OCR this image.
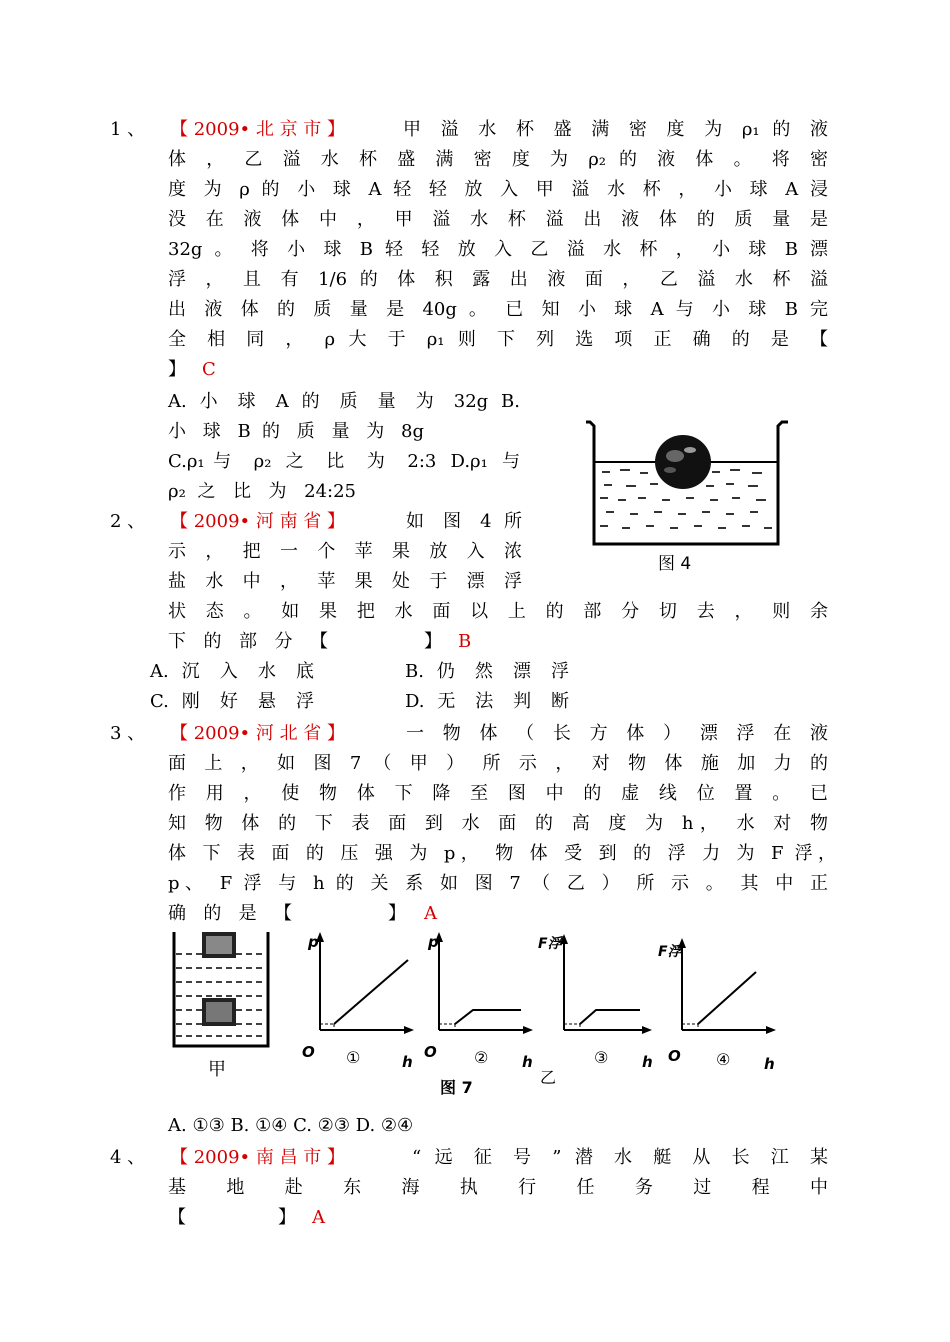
1 、 【 2009• 北 京 市 】	甲 溢 水 杯 盛 满 密 度 为 ρ₁ 的 液
体 ， 乙 溢 水 杯 盛 满 密 度 为 ρ₂ 的 液 体 。 将 密
度 为 ρ 的 小 球 A 轻 轻 放 入 甲 溢 水 杯 ， 小 球 A 浸
没 在 液 体 中 ， 甲 溢 水 杯 溢 出 液 体 的 质 量 是
32g 。 将 小 球 B 轻 轻 放 入 乙 溢 水 杯 ， 小 球 B 漂
浮 ， 且 有 1/6 的 体 积 露 出 液 面 ， 乙 溢 水 杯 溢
出 液 体 的 质 量 是 40g 。 已 知 小 球 A 与 小 球 B 完
全 相 同 ， ρ 大 于 ρ₁ 则 下 列 选 项 正 确 的 是 【
】 C
A. 小 球 A 的 质 量 为 32g B.
小 球 B 的 质 量 为 8g
C.ρ₁与 ρ₂ 之 比 为 2:3 D.ρ₁ 与
ρ₂ 之 比 为 24:25
图 4
2 、 【 2009• 河 南 省 】	如 图 4 所
示 ， 把 一 个 苹 果 放 入 浓
盐 水 中 ， 苹 果 处 于 漂 浮
状 态 。 如 果 把 水 面 以 上 的 部 分 切 去 ， 则 余
下 的 部 分 【	】 B
A. 沉 入 水 底	B. 仍 然 漂 浮
C. 刚 好 悬 浮	D. 无 法 判 断
3 、 【 2009• 河 北 省 】	一 物 体 （ 长 方 体 ） 漂 浮 在 液
面 上 ， 如 图 7 （ 甲 ） 所 示 ， 对 物 体 施 加 力 的
作 用 ， 使 物 体 下 降 至 图 中 的 虚 线 位 置 。 已
知 物 体 的 下 表 面 到 水 面 的 高 度 为 h， 水 对 物
体 下 表 面 的 压 强 为 p， 物 体 受 到 的 浮 力 为 F 浮，
p、 F 浮 与 h 的 关 系 如 图 7 （ 乙 ） 所 示 。 其 中 正
确 的 是 【	】 A
甲
p
O ①	h
p
O ② h
F浮
乙
③ h
F浮
O ④ h
图 7
A. ①③ B. ①④ C. ②③ D. ②④
4 、 【 2009• 南 昌 市 】	“ 远 征 号 ” 潜 水 艇 从 长 江 某
基 地 赴 东 海 执 行 任 务 过 程 中
【	】 A
